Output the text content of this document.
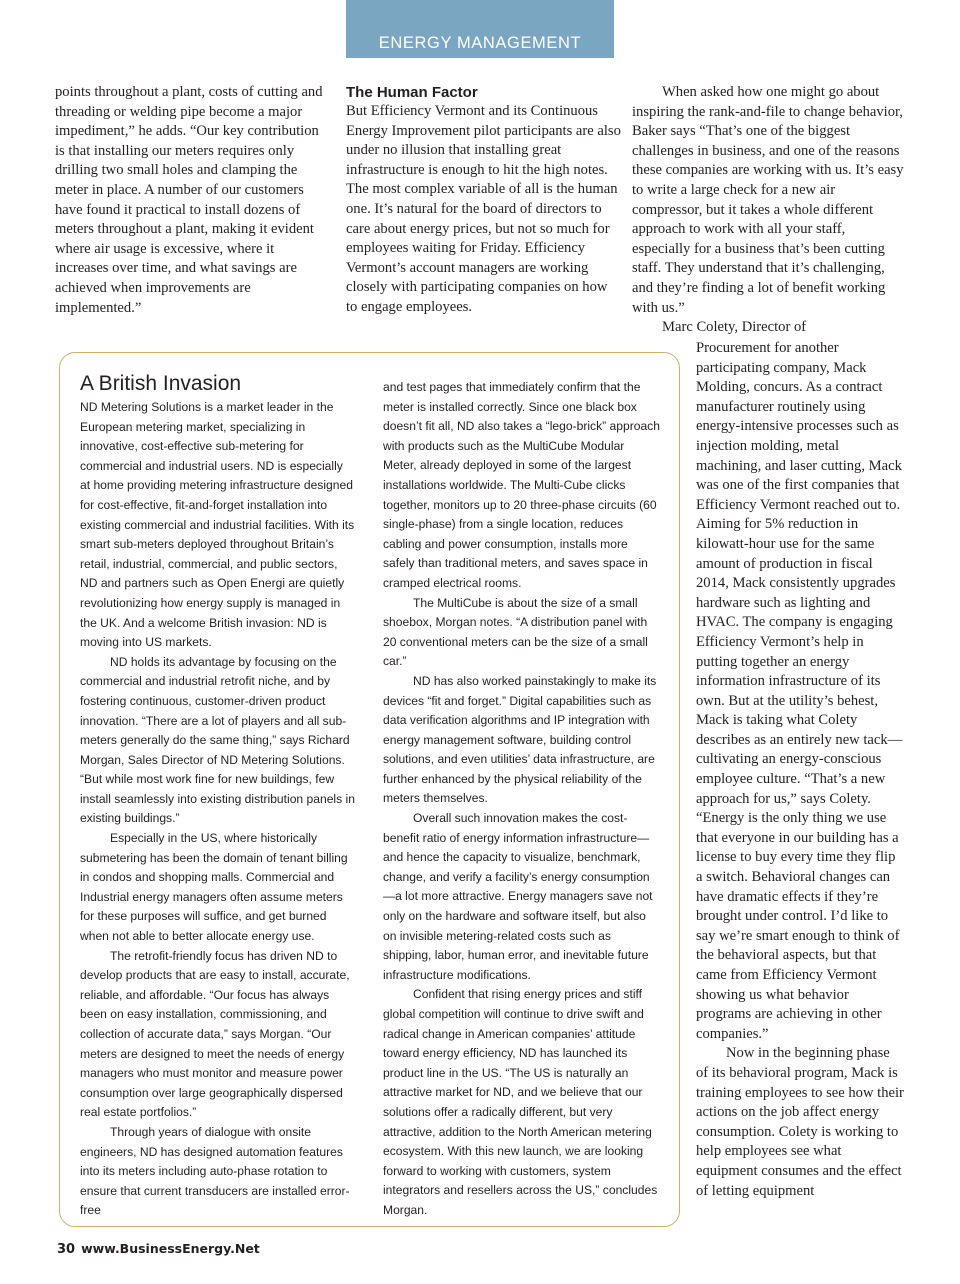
ENERGY MANAGEMENT

points throughout a plant, costs of cutting and threading or welding pipe become a major impediment,” he adds. “Our key contribution is that installing our meters requires only drilling two small holes and clamping the meter in place. A number of our customers have found it practical to install dozens of meters throughout a plant, making it evident where air usage is excessive, where it increases over time, and what savings are achieved when improvements are implemented.”

The Human Factor

But Efficiency Vermont and its Continuous Energy Improvement pilot participants are also under no illusion that installing great infrastructure is enough to hit the high notes. The most complex variable of all is the human one. It’s natural for the board of directors to care about energy prices, but not so much for employees waiting for Friday. Efficiency Vermont’s account managers are working closely with participating companies on how to engage employees.

When asked how one might go about inspiring the rank-and-file to change behavior, Baker says “That’s one of the biggest challenges in business, and one of the reasons these companies are working with us. It’s easy to write a large check for a new air compressor, but it takes a whole different approach to work with all your staff, especially for a business that’s been cutting staff. They understand that it’s challenging, and they’re finding a lot of benefit working with us.”

Marc Colety, Director of

Procurement for another participating company, Mack Molding, concurs. As a contract manufacturer routinely using energy-intensive processes such as injection molding, metal machining, and laser cutting, Mack was one of the first companies that Efficiency Vermont reached out to. Aiming for 5% reduction in kilowatt-hour use for the same amount of production in fiscal 2014, Mack consistently upgrades hardware such as lighting and HVAC. The company is engaging Efficiency Vermont’s help in putting together an energy information infrastructure of its own. But at the utility’s behest, Mack is taking what Colety describes as an entirely new tack—cultivating an energy-conscious employee culture. “That’s a new approach for us,” says Colety. “Energy is the only thing we use that everyone in our building has a license to buy every time they flip a switch. Behavioral changes can have dramatic effects if they’re brought under control. I’d like to say we’re smart enough to think of the behavioral aspects, but that came from Efficiency Vermont showing us what behavior programs are achieving in other companies.”

Now in the beginning phase of its behavioral program, Mack is training employees to see how their actions on the job affect energy consumption. Colety is working to help employees see what equipment consumes and the effect of letting equipment

A British Invasion

ND Metering Solutions is a market leader in the European metering market, specializing in innovative, cost-effective sub-metering for commercial and industrial users. ND is especially at home providing metering infrastructure designed for cost-effective, fit-and-forget installation into existing commercial and industrial facilities. With its smart sub-meters deployed throughout Britain’s retail, industrial, commercial, and public sectors, ND and partners such as Open Energi are quietly revolutionizing how energy supply is managed in the UK. And a welcome British invasion: ND is moving into US markets.

ND holds its advantage by focusing on the commercial and industrial retrofit niche, and by fostering continuous, customer-driven product innovation. “There are a lot of players and all sub-meters generally do the same thing,” says Richard Morgan, Sales Director of ND Metering Solutions. “But while most work fine for new buildings, few install seamlessly into existing distribution panels in existing buildings.”

Especially in the US, where historically submetering has been the domain of tenant billing in condos and shopping malls. Commercial and Industrial energy managers often assume meters for these purposes will suffice, and get burned when not able to better allocate energy use.

The retrofit-friendly focus has driven ND to develop products that are easy to install, accurate, reliable, and affordable. “Our focus has always been on easy installation, commissioning, and collection of accurate data,” says Morgan. “Our meters are designed to meet the needs of energy managers who must monitor and measure power consumption over large geographically dispersed real estate portfolios.”

Through years of dialogue with onsite engineers, ND has designed automation features into its meters including auto-phase rotation to ensure that current transducers are installed error-free

and test pages that immediately confirm that the meter is installed correctly. Since one black box doesn’t fit all, ND also takes a “lego-brick” approach with products such as the MultiCube Modular Meter, already deployed in some of the largest installations worldwide. The Multi-Cube clicks together, monitors up to 20 three-phase circuits (60 single-phase) from a single location, reduces cabling and power consumption, installs more safely than traditional meters, and saves space in cramped electrical rooms.

The MultiCube is about the size of a small shoebox, Morgan notes. “A distribution panel with 20 conventional meters can be the size of a small car.”

ND has also worked painstakingly to make its devices “fit and forget.” Digital capabilities such as data verification algorithms and IP integration with energy management software, building control solutions, and even utilities’ data infrastructure, are further enhanced by the physical reliability of the meters themselves.

Overall such innovation makes the cost-benefit ratio of energy information infrastructure—and hence the capacity to visualize, benchmark, change, and verify a facility’s energy consumption—a lot more attractive. Energy managers save not only on the hardware and software itself, but also on invisible metering-related costs such as shipping, labor, human error, and inevitable future infrastructure modifications.

Confident that rising energy prices and stiff global competition will continue to drive swift and radical change in American companies’ attitude toward energy efficiency, ND has launched its product line in the US. “The US is naturally an attractive market for ND, and we believe that our solutions offer a radically different, but very attractive, addition to the North American metering ecosystem. With this new launch, we are looking forward to working with customers, system integrators and resellers across the US,” concludes Morgan.

30 www.BusinessEnergy.Net
